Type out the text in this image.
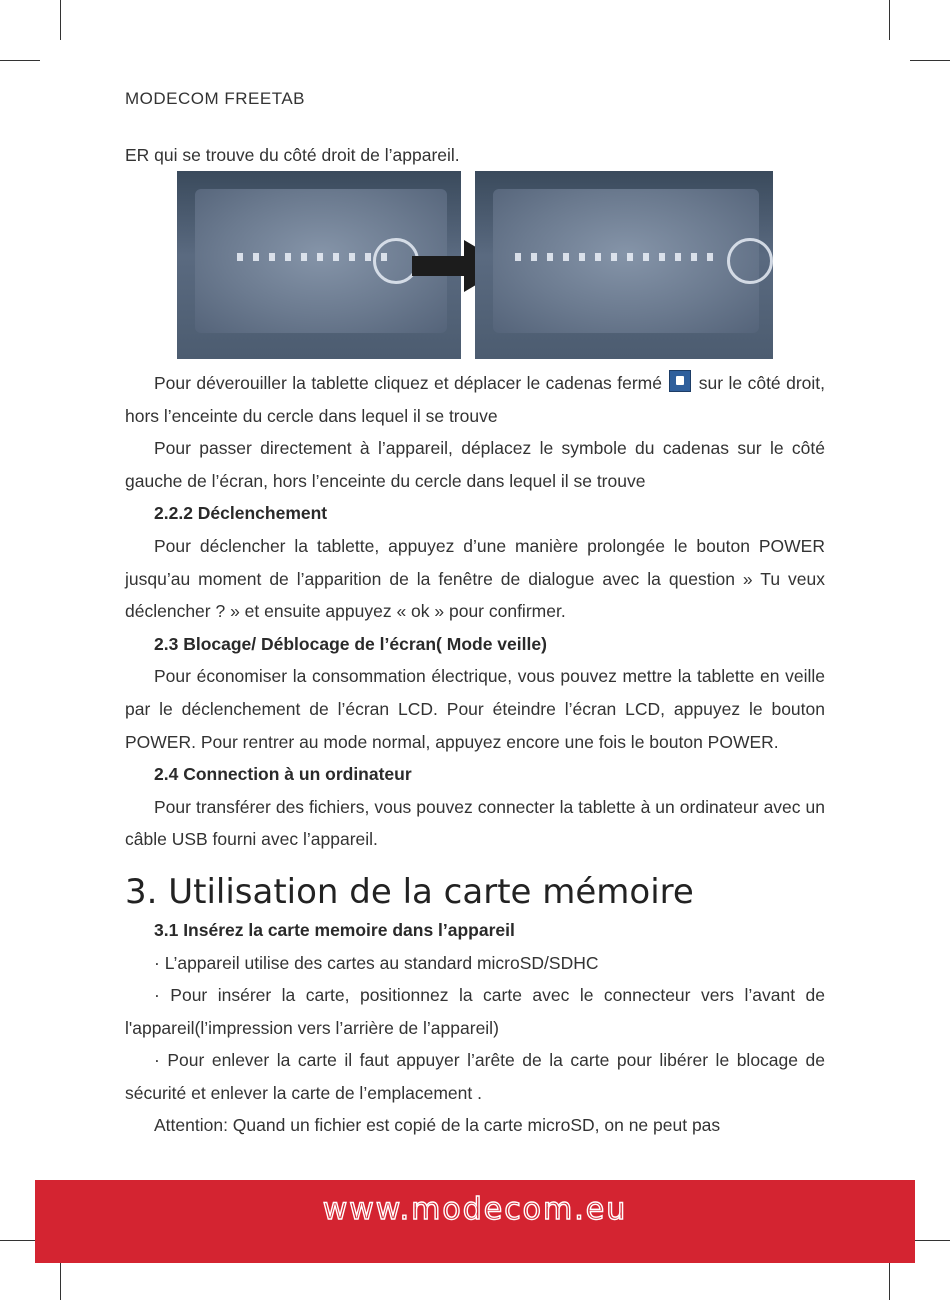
MODECOM FREETAB

ER qui se trouve du côté droit de l’appareil.

Pour déverouiller la tablette cliquez et déplacer le cadenas fermé  sur le côté droit, hors l’enceinte du cercle dans lequel il se trouve

Pour passer directement à l’appareil, déplacez le symbole du cadenas sur le côté gauche de l’écran, hors l’enceinte du cercle dans lequel il se trouve

2.2.2 Déclenchement

Pour déclencher la tablette, appuyez d’une manière prolongée le bouton POWER jusqu’au moment de l’apparition de la fenêtre de dialogue avec la question » Tu veux déclencher ? » et ensuite appuyez « ok » pour confirmer.

2.3 Blocage/ Déblocage de l’écran( Mode veille)

Pour économiser la consommation électrique, vous pouvez mettre la tablette en veille par le déclenchement de l’écran LCD. Pour éteindre l’écran LCD, appuyez le bouton POWER. Pour rentrer au mode normal, appuyez encore une fois le bouton POWER.

2.4 Connection à un ordinateur

Pour transférer des fichiers, vous pouvez connecter la tablette à un ordinateur avec un câble USB fourni avec l’appareil.

3. Utilisation de la carte mémoire

3.1 Insérez la carte memoire dans l’appareil

· L’appareil utilise des cartes au standard microSD/SDHC

· Pour insérer la carte, positionnez la carte avec le connecteur vers l’avant de l'appareil(l’impression vers l’arrière de l’appareil)

· Pour enlever la carte il faut appuyer l’arête de la carte pour libérer le blocage de sécurité et enlever la carte de l’emplacement .

Attention: Quand un fichier est copié de la carte microSD, on ne peut pas

www.modecom.eu
